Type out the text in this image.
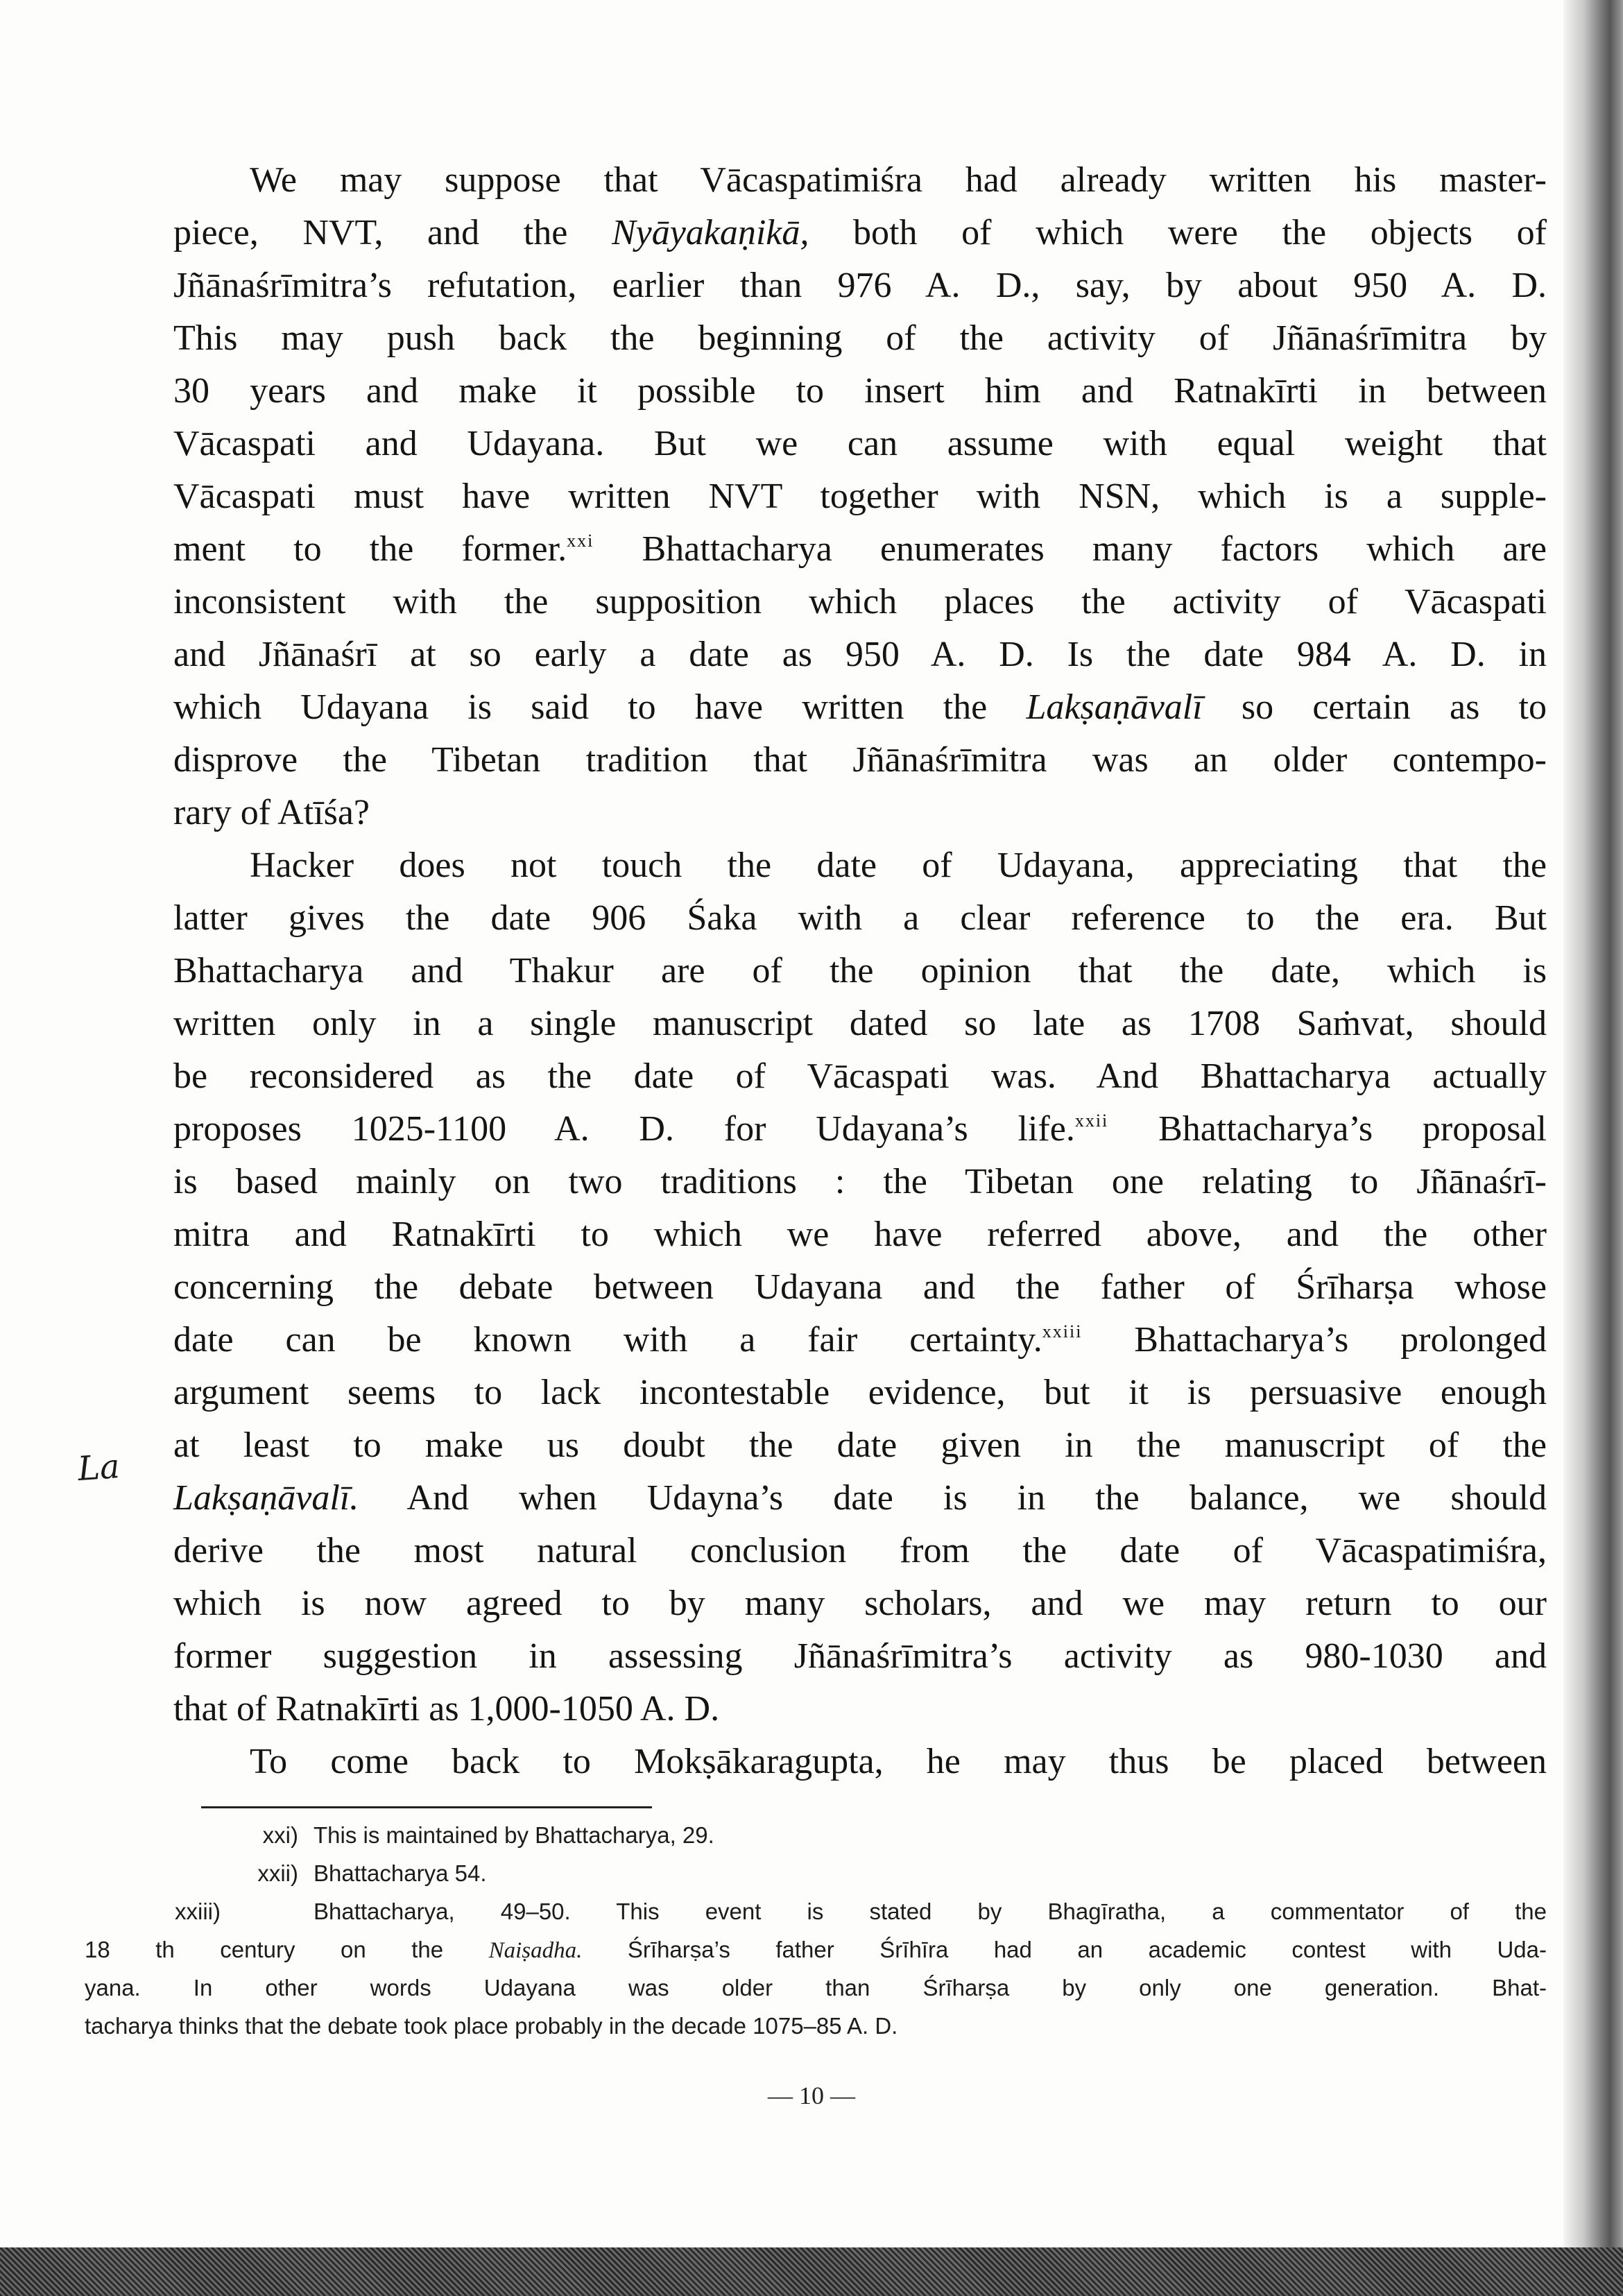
We may suppose that Vācaspatimiśra had already written his master-
piece, NVT, and the Nyāyakaṇikā, both of which were the objects of
Jñānaśrīmitra’s refutation, earlier than 976 A. D., say, by about 950 A. D.
This may push back the beginning of the activity of Jñānaśrīmitra by
30 years and make it possible to insert him and Ratnakīrti in between
Vācaspati and Udayana. But we can assume with equal weight that
Vācaspati must have written NVT together with NSN, which is a supple-
ment to the former.$^{xxi}$ Bhattacharya enumerates many factors which are
inconsistent with the supposition which places the activity of Vācaspati
and Jñānaśrī at so early a date as 950 A. D. Is the date 984 A. D. in
which Udayana is said to have written the Lakṣaṇāvalī so certain as to
disprove the Tibetan tradition that Jñānaśrīmitra was an older contempo-
rary of Atīśa?
Hacker does not touch the date of Udayana, appreciating that the
latter gives the date 906 Śaka with a clear reference to the era. But
Bhattacharya and Thakur are of the opinion that the date, which is
written only in a single manuscript dated so late as 1708 Saṁvat, should
be reconsidered as the date of Vācaspati was. And Bhattacharya actually
proposes 1025-1100 A. D. for Udayana’s life.$^{xxii}$ Bhattacharya’s proposal
is based mainly on two traditions : the Tibetan one relating to Jñānaśrī-
mitra and Ratnakīrti to which we have referred above, and the other
concerning the debate between Udayana and the father of Śrīharṣa whose
date can be known with a fair certainty.$^{xxiii}$ Bhattacharya’s prolonged
argument seems to lack incontestable evidence, but it is persuasive enough
at least to make us doubt the date given in the manuscript of the
Lakṣaṇāvalī. And when Udayna’s date is in the balance, we should
derive the most natural conclusion from the date of Vācaspatimiśra,
which is now agreed to by many scholars, and we may return to our
former suggestion in assessing Jñānaśrīmitra’s activity as 980-1030 and
that of Ratnakīrti as 1,000-1050 A. D.
To come back to Mokṣākaragupta, he may thus be placed between
La
xxi) This is maintained by Bhattacharya, 29.
xxii) Bhattacharya 54.
xxiii)	Bhattacharya, 49–50. This event is stated by Bhagīratha, a commentator of the
18 th century on the Naiṣadha. Śrīharṣa’s father Śrīhīra had an academic contest with Uda-
yana. In other words Udayana was older than Śrīharṣa by only one generation. Bhat-
tacharya thinks that the debate took place probably in the decade 1075–85 A. D.
— 10 —
